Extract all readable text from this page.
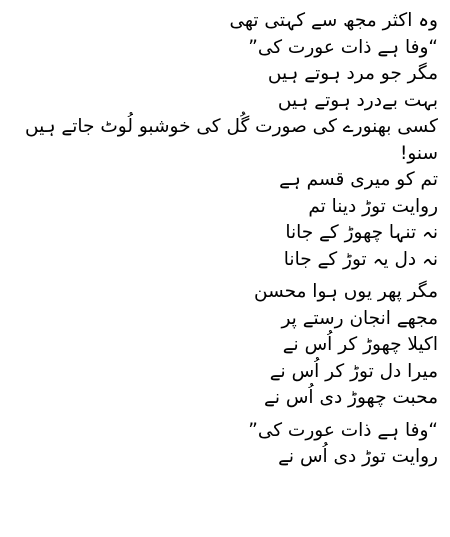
وہ اکثر مجھ سے کہتی تھی
“وفا ہے ذات عورت کی”
مگر جو مرد ہوتے ہیں
بہت بےدرد ہوتے ہیں
کسی بھنورے کی صورت گُل کی خوشبو لُوٹ جاتے ہیں
سنو!
تم کو میری قسم ہے
روایت توڑ دینا تم
نہ تنہا چھوڑ کے جانا
نہ دل یہ توڑ کے جانا
مگر پھر یوں ہوا محسن
مجھے انجان رستے پر
اکیلا چھوڑ کر اُس نے
میرا دل توڑ کر اُس نے
محبت چھوڑ دی اُس نے
“وفا ہے ذات عورت کی”
روایت توڑ دی اُس نے
